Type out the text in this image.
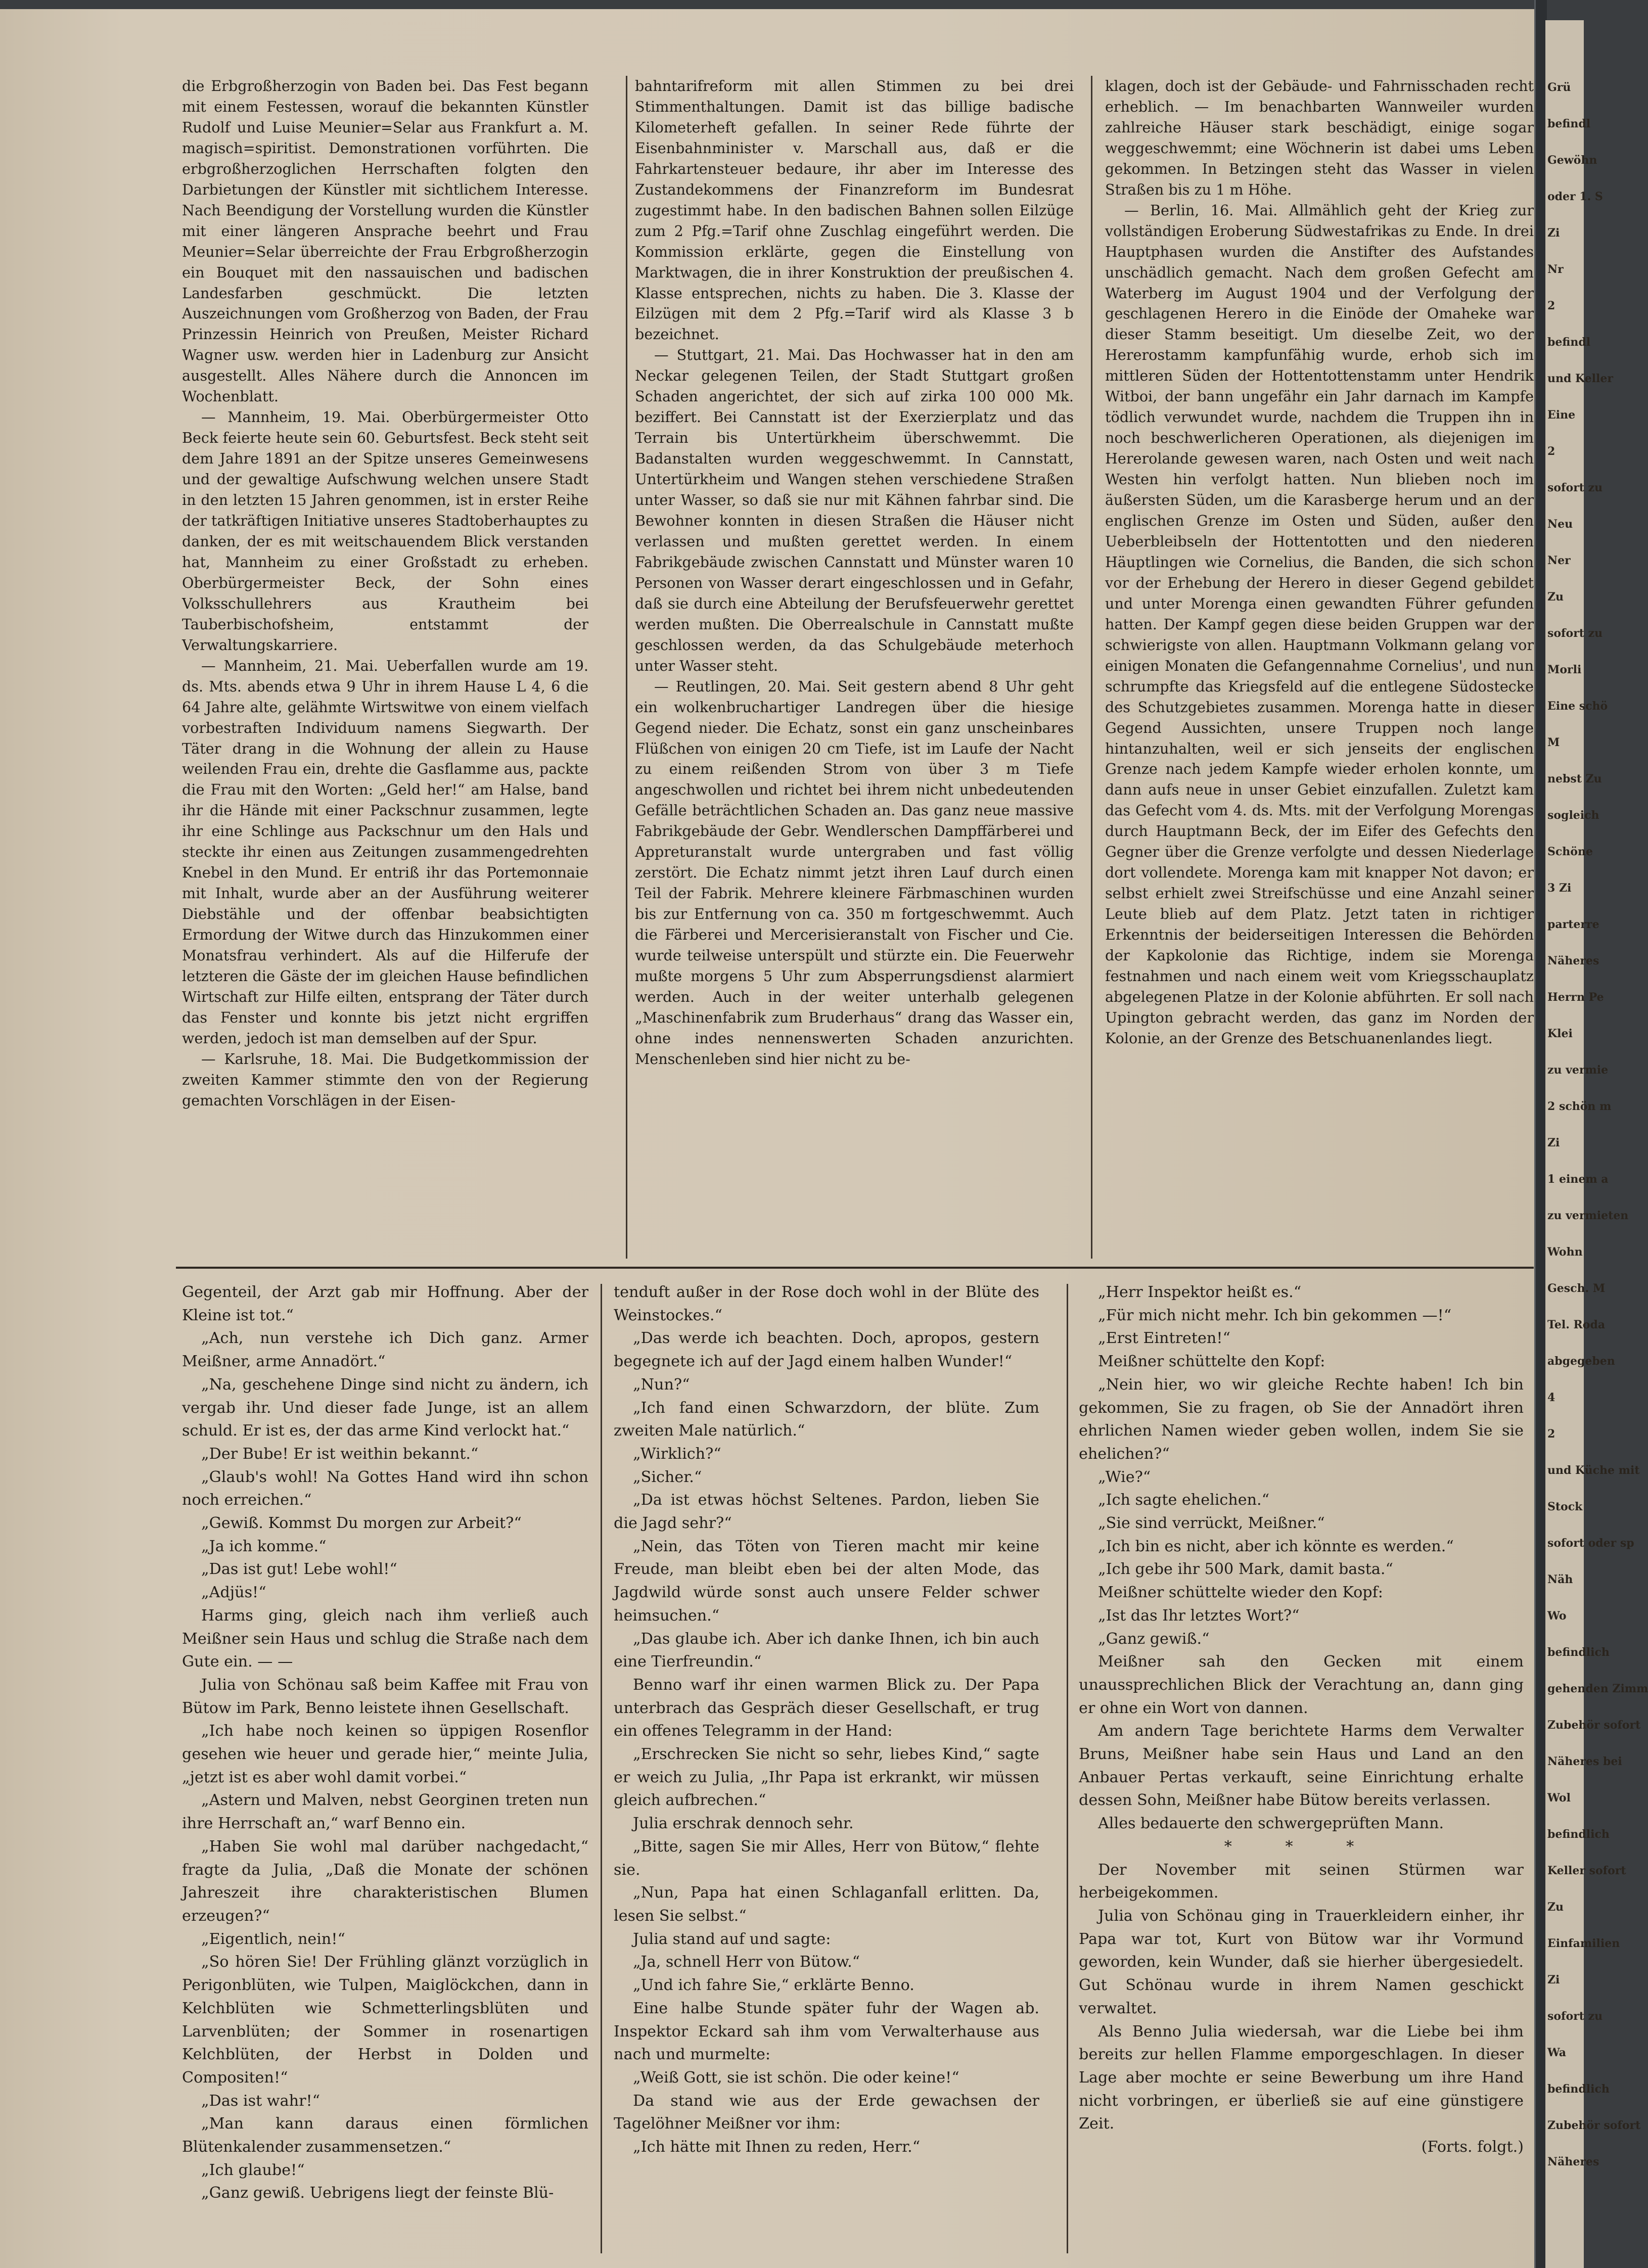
Grü
befindl
Gewöhn
oder 1. S
Zi
Nr
2
befindl
und Keller
Eine
2
sofort zu
Neu
Ner
Zu
sofort zu
Morli
Eine schö
M
nebst Zu
sogleich
Schöne
3 Zi
parterre
Näheres
Herrn Pe
Klei
zu vermie
2 schön m
Zi
1 einem a
zu vermieten
Wohn
Gesch. M
Tel. Roda
abgegeben
4
2
und Küche mit
Stock
sofort oder sp
Näh
Wo
befindlich
gehenden Zimm
Zubehör sofort
Näheres bei
Wol
befindlich
Keller sofort
Zu
Einfamilien
Zi
sofort zu
Wa
befindlich
Zubehör sofort
Näheres

die Erbgroßherzogin von Baden bei. Das Fest begann mit einem Festessen, worauf die bekannten Künstler Rudolf und Luise Meunier=Selar aus Frankfurt a. M. magisch=spiritist. Demonstrationen vorführten. Die erbgroßherzoglichen Herrschaften folgten den Darbietungen der Künstler mit sichtlichem Interesse. Nach Beendigung der Vorstellung wurden die Künstler mit einer längeren Ansprache beehrt und Frau Meunier=Selar überreichte der Frau Erbgroßherzogin ein Bouquet mit den nassauischen und badischen Landesfarben geschmückt. Die letzten Auszeichnungen vom Großherzog von Baden, der Frau Prinzessin Heinrich von Preußen, Meister Richard Wagner usw. werden hier in Ladenburg zur Ansicht ausgestellt. Alles Nähere durch die Annoncen im Wochenblatt.

— Mannheim, 19. Mai. Oberbürgermeister Otto Beck feierte heute sein 60. Geburtsfest. Beck steht seit dem Jahre 1891 an der Spitze unseres Gemeinwesens und der gewaltige Aufschwung welchen unsere Stadt in den letzten 15 Jahren genommen, ist in erster Reihe der tatkräftigen Initiative unseres Stadtoberhauptes zu danken, der es mit weitschauendem Blick verstanden hat, Mannheim zu einer Großstadt zu erheben. Oberbürgermeister Beck, der Sohn eines Volksschullehrers aus Krautheim bei Tauberbischofsheim, entstammt der Verwaltungskarriere.

— Mannheim, 21. Mai. Ueberfallen wurde am 19. ds. Mts. abends etwa 9 Uhr in ihrem Hause L 4, 6 die 64 Jahre alte, gelähmte Wirtswitwe von einem vielfach vorbestraften Individuum namens Siegwarth. Der Täter drang in die Wohnung der allein zu Hause weilenden Frau ein, drehte die Gasflamme aus, packte die Frau mit den Worten: „Geld her!“ am Halse, band ihr die Hände mit einer Packschnur zusammen, legte ihr eine Schlinge aus Packschnur um den Hals und steckte ihr einen aus Zeitungen zusammengedrehten Knebel in den Mund. Er entriß ihr das Portemonnaie mit Inhalt, wurde aber an der Ausführung weiterer Diebstähle und der offenbar beabsichtigten Ermordung der Witwe durch das Hinzukommen einer Monatsfrau verhindert. Als auf die Hilferufe der letzteren die Gäste der im gleichen Hause befindlichen Wirtschaft zur Hilfe eilten, entsprang der Täter durch das Fenster und konnte bis jetzt nicht ergriffen werden, jedoch ist man demselben auf der Spur.

— Karlsruhe, 18. Mai. Die Budgetkommission der zweiten Kammer stimmte den von der Regierung gemachten Vorschlägen in der Eisen-

bahntarifreform mit allen Stimmen zu bei drei Stimmenthaltungen. Damit ist das billige badische Kilometerheft gefallen. In seiner Rede führte der Eisenbahnminister v. Marschall aus, daß er die Fahrkartensteuer bedaure, ihr aber im Interesse des Zustandekommens der Finanzreform im Bundesrat zugestimmt habe. In den badischen Bahnen sollen Eilzüge zum 2 Pfg.=Tarif ohne Zuschlag eingeführt werden. Die Kommission erklärte, gegen die Einstellung von Marktwagen, die in ihrer Konstruktion der preußischen 4. Klasse entsprechen, nichts zu haben. Die 3. Klasse der Eilzügen mit dem 2 Pfg.=Tarif wird als Klasse 3 b bezeichnet.

— Stuttgart, 21. Mai. Das Hochwasser hat in den am Neckar gelegenen Teilen, der Stadt Stuttgart großen Schaden angerichtet, der sich auf zirka 100 000 Mk. beziffert. Bei Cannstatt ist der Exerzierplatz und das Terrain bis Untertürkheim überschwemmt. Die Badanstalten wurden weggeschwemmt. In Cannstatt, Untertürkheim und Wangen stehen verschiedene Straßen unter Wasser, so daß sie nur mit Kähnen fahrbar sind. Die Bewohner konnten in diesen Straßen die Häuser nicht verlassen und mußten gerettet werden. In einem Fabrikgebäude zwischen Cannstatt und Münster waren 10 Personen von Wasser derart eingeschlossen und in Gefahr, daß sie durch eine Abteilung der Berufsfeuerwehr gerettet werden mußten. Die Oberrealschule in Cannstatt mußte geschlossen werden, da das Schulgebäude meterhoch unter Wasser steht.

— Reutlingen, 20. Mai. Seit gestern abend 8 Uhr geht ein wolkenbruchartiger Landregen über die hiesige Gegend nieder. Die Echatz, sonst ein ganz unscheinbares Flüßchen von einigen 20 cm Tiefe, ist im Laufe der Nacht zu einem reißenden Strom von über 3 m Tiefe angeschwollen und richtet bei ihrem nicht unbedeutenden Gefälle beträchtlichen Schaden an. Das ganz neue massive Fabrikgebäude der Gebr. Wendlerschen Dampffärberei und Appreturanstalt wurde untergraben und fast völlig zerstört. Die Echatz nimmt jetzt ihren Lauf durch einen Teil der Fabrik. Mehrere kleinere Färbmaschinen wurden bis zur Entfernung von ca. 350 m fortgeschwemmt. Auch die Färberei und Mercerisieranstalt von Fischer und Cie. wurde teilweise unterspült und stürzte ein. Die Feuerwehr mußte morgens 5 Uhr zum Absperrungsdienst alarmiert werden. Auch in der weiter unterhalb gelegenen „Maschinenfabrik zum Bruderhaus“ drang das Wasser ein, ohne indes nennenswerten Schaden anzurichten. Menschenleben sind hier nicht zu be-

klagen, doch ist der Gebäude- und Fahrnisschaden recht erheblich. — Im benachbarten Wannweiler wurden zahlreiche Häuser stark beschädigt, einige sogar weggeschwemmt; eine Wöchnerin ist dabei ums Leben gekommen. In Betzingen steht das Wasser in vielen Straßen bis zu 1 m Höhe.

— Berlin, 16. Mai. Allmählich geht der Krieg zur vollständigen Eroberung Südwestafrikas zu Ende. In drei Hauptphasen wurden die Anstifter des Aufstandes unschädlich gemacht. Nach dem großen Gefecht am Waterberg im August 1904 und der Verfolgung der geschlagenen Herero in die Einöde der Omaheke war dieser Stamm beseitigt. Um dieselbe Zeit, wo der Hererostamm kampfunfähig wurde, erhob sich im mittleren Süden der Hottentottenstamm unter Hendrik Witboi, der bann ungefähr ein Jahr darnach im Kampfe tödlich verwundet wurde, nachdem die Truppen ihn in noch beschwerlicheren Operationen, als diejenigen im Hererolande gewesen waren, nach Osten und weit nach Westen hin verfolgt hatten. Nun blieben noch im äußersten Süden, um die Karasberge herum und an der englischen Grenze im Osten und Süden, außer den Ueberbleibseln der Hottentotten und den niederen Häuptlingen wie Cornelius, die Banden, die sich schon vor der Erhebung der Herero in dieser Gegend gebildet und unter Morenga einen gewandten Führer gefunden hatten. Der Kampf gegen diese beiden Gruppen war der schwierigste von allen. Hauptmann Volkmann gelang vor einigen Monaten die Gefangennahme Cornelius', und nun schrumpfte das Kriegsfeld auf die entlegene Südostecke des Schutzgebietes zusammen. Morenga hatte in dieser Gegend Aussichten, unsere Truppen noch lange hintanzuhalten, weil er sich jenseits der englischen Grenze nach jedem Kampfe wieder erholen konnte, um dann aufs neue in unser Gebiet einzufallen. Zuletzt kam das Gefecht vom 4. ds. Mts. mit der Verfolgung Morengas durch Hauptmann Beck, der im Eifer des Gefechts den Gegner über die Grenze verfolgte und dessen Niederlage dort vollendete. Morenga kam mit knapper Not davon; er selbst erhielt zwei Streifschüsse und eine Anzahl seiner Leute blieb auf dem Platz. Jetzt taten in richtiger Erkenntnis der beiderseitigen Interessen die Behörden der Kapkolonie das Richtige, indem sie Morenga festnahmen und nach einem weit vom Kriegsschauplatz abgelegenen Platze in der Kolonie abführten. Er soll nach Upington gebracht werden, das ganz im Norden der Kolonie, an der Grenze des Betschuanenlandes liegt.

Gegenteil, der Arzt gab mir Hoffnung. Aber der Kleine ist tot.“

„Ach, nun verstehe ich Dich ganz. Armer Meißner, arme Annadört.“

„Na, geschehene Dinge sind nicht zu ändern, ich vergab ihr. Und dieser fade Junge, ist an allem schuld. Er ist es, der das arme Kind verlockt hat.“

„Der Bube! Er ist weithin bekannt.“

„Glaub's wohl! Na Gottes Hand wird ihn schon noch erreichen.“

„Gewiß. Kommst Du morgen zur Arbeit?“

„Ja ich komme.“

„Das ist gut! Lebe wohl!“

„Adjüs!“

Harms ging, gleich nach ihm verließ auch Meißner sein Haus und schlug die Straße nach dem Gute ein. — —

Julia von Schönau saß beim Kaffee mit Frau von Bütow im Park, Benno leistete ihnen Gesellschaft.

„Ich habe noch keinen so üppigen Rosenflor gesehen wie heuer und gerade hier,“ meinte Julia, „jetzt ist es aber wohl damit vorbei.“

„Astern und Malven, nebst Georginen treten nun ihre Herrschaft an,“ warf Benno ein.

„Haben Sie wohl mal darüber nachgedacht,“ fragte da Julia, „Daß die Monate der schönen Jahreszeit ihre charakteristischen Blumen erzeugen?“

„Eigentlich, nein!“

„So hören Sie! Der Frühling glänzt vorzüglich in Perigonblüten, wie Tulpen, Maiglöckchen, dann in Kelchblüten wie Schmetterlingsblüten und Larvenblüten; der Sommer in rosenartigen Kelchblüten, der Herbst in Dolden und Compositen!“

„Das ist wahr!“

„Man kann daraus einen förmlichen Blütenkalender zusammensetzen.“

„Ich glaube!“

„Ganz gewiß. Uebrigens liegt der feinste Blü-

tenduft außer in der Rose doch wohl in der Blüte des Weinstockes.“

„Das werde ich beachten. Doch, apropos, gestern begegnete ich auf der Jagd einem halben Wunder!“

„Nun?“

„Ich fand einen Schwarzdorn, der blüte. Zum zweiten Male natürlich.“

„Wirklich?“

„Sicher.“

„Da ist etwas höchst Seltenes. Pardon, lieben Sie die Jagd sehr?“

„Nein, das Töten von Tieren macht mir keine Freude, man bleibt eben bei der alten Mode, das Jagdwild würde sonst auch unsere Felder schwer heimsuchen.“

„Das glaube ich. Aber ich danke Ihnen, ich bin auch eine Tierfreundin.“

Benno warf ihr einen warmen Blick zu. Der Papa unterbrach das Gespräch dieser Gesellschaft, er trug ein offenes Telegramm in der Hand:

„Erschrecken Sie nicht so sehr, liebes Kind,“ sagte er weich zu Julia, „Ihr Papa ist erkrankt, wir müssen gleich aufbrechen.“

Julia erschrak dennoch sehr.

„Bitte, sagen Sie mir Alles, Herr von Bütow,“ flehte sie.

„Nun, Papa hat einen Schlaganfall erlitten. Da, lesen Sie selbst.“

Julia stand auf und sagte:

„Ja, schnell Herr von Bütow.“

„Und ich fahre Sie,“ erklärte Benno.

Eine halbe Stunde später fuhr der Wagen ab. Inspektor Eckard sah ihm vom Verwalterhause aus nach und murmelte:

„Weiß Gott, sie ist schön. Die oder keine!“

Da stand wie aus der Erde gewachsen der Tagelöhner Meißner vor ihm:

„Ich hätte mit Ihnen zu reden, Herr.“

„Herr Inspektor heißt es.“

„Für mich nicht mehr. Ich bin gekommen —!“

„Erst Eintreten!“

Meißner schüttelte den Kopf:

„Nein hier, wo wir gleiche Rechte haben! Ich bin gekommen, Sie zu fragen, ob Sie der Annadört ihren ehrlichen Namen wieder geben wollen, indem Sie sie ehelichen?“

„Wie?“

„Ich sagte ehelichen.“

„Sie sind verrückt, Meißner.“

„Ich bin es nicht, aber ich könnte es werden.“

„Ich gebe ihr 500 Mark, damit basta.“

Meißner schüttelte wieder den Kopf:

„Ist das Ihr letztes Wort?“

„Ganz gewiß.“

Meißner sah den Gecken mit einem unaussprechlichen Blick der Verachtung an, dann ging er ohne ein Wort von dannen.

Am andern Tage berichtete Harms dem Verwalter Bruns, Meißner habe sein Haus und Land an den Anbauer Pertas verkauft, seine Einrichtung erhalte dessen Sohn, Meißner habe Bütow bereits verlassen.

Alles bedauerte den schwergeprüften Mann.

* * *

Der November mit seinen Stürmen war herbeigekommen.

Julia von Schönau ging in Trauerkleidern einher, ihr Papa war tot, Kurt von Bütow war ihr Vormund geworden, kein Wunder, daß sie hierher übergesiedelt. Gut Schönau wurde in ihrem Namen geschickt verwaltet.

Als Benno Julia wiedersah, war die Liebe bei ihm bereits zur hellen Flamme emporgeschlagen. In dieser Lage aber mochte er seine Bewerbung um ihre Hand nicht vorbringen, er überließ sie auf eine günstigere Zeit.

(Forts. folgt.)
